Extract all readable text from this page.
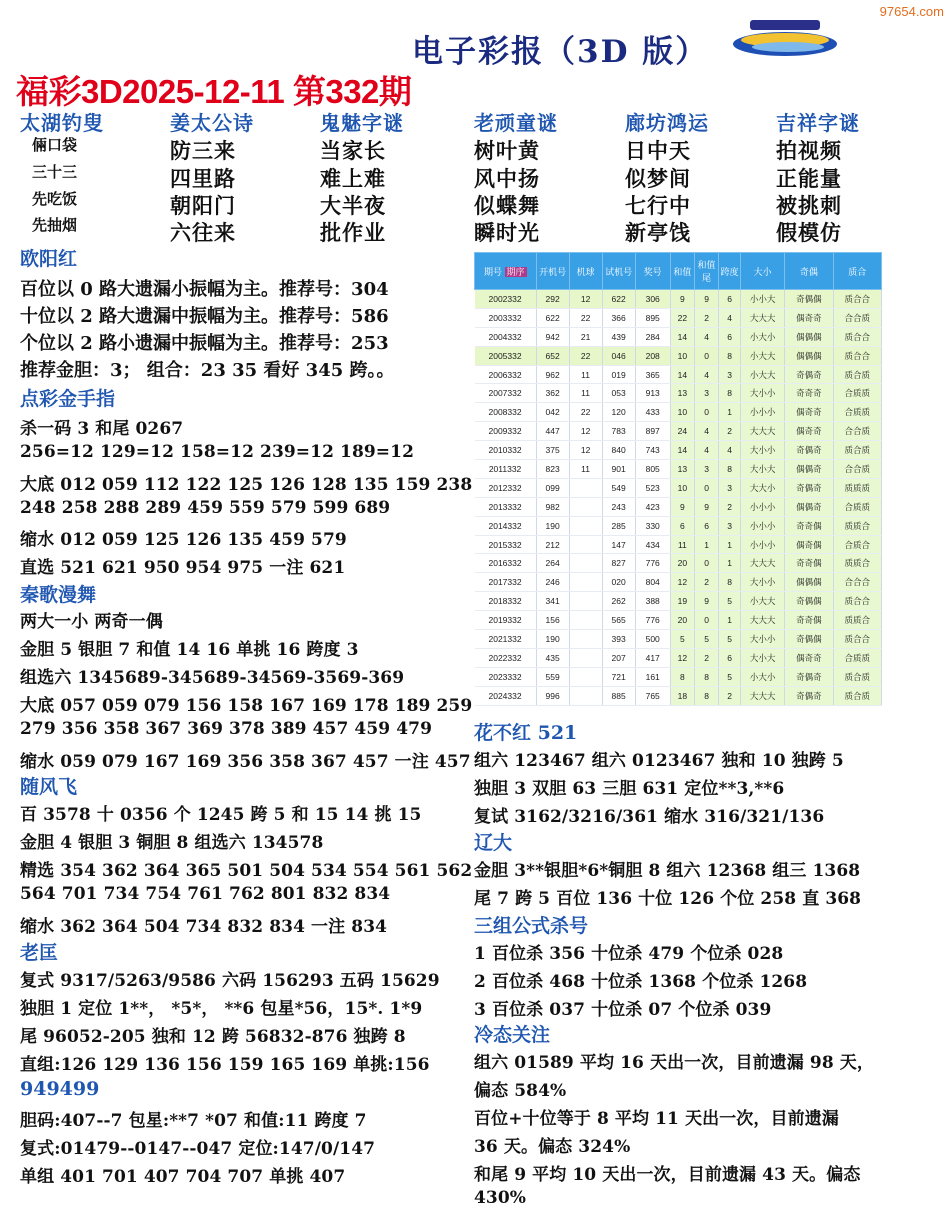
97654.com
电子彩报（3D 版）
福彩3D2025-12-11 第332期
太湖钓叟
倆口袋
三十三
先吃饭
先抽烟
姜太公诗
防三来
四里路
朝阳门
六往来
鬼魅字谜
当家长
难上难
大半夜
批作业
老顽童谜
树叶黄
风中扬
似蝶舞
瞬时光
廊坊鸿运
日中天
似梦间
七行中
新亭饯
吉祥字谜
拍视频
正能量
被挑刺
假模仿
欧阳红
百位以 0 路大遗漏小振幅为主。推荐号：304
十位以 2 路大遗漏中振幅为主。推荐号：586
个位以 2 路小遗漏中振幅为主。推荐号：253
推荐金胆：3； 组合：23 35 看好 345 跨。。
点彩金手指
杀一码 3 和尾 0267
256=12 129=12 158=12 239=12 189=12
大底 012 059 112 122 125 126 128 135 159 238
248 258 288 289 459 559 579 599 689
缩水 012 059 125 126 135 459 579
直选 521 621 950 954 975 一注 621
秦歌漫舞
两大一小 两奇一偶
金胆 5 银胆 7 和值 14 16 单挑 16 跨度 3
组选六 1345689-345689-34569-3569-369
大底 057 059 079 156 158 167 169 178 189 259
279 356 358 367 369 378 389 457 459 479
缩水 059 079 167 169 356 358 367 457 一注 457
随风飞
百 3578 十 0356 个 1245 跨 5 和 15 14 挑 15
金胆 4 银胆 3 铜胆 8 组选六 134578
精选 354 362 364 365 501 504 534 554 561 562
564 701 734 754 761 762 801 832 834
缩水 362 364 504 734 832 834 一注 834
老匡
复式 9317/5263/9586 六码 156293 五码 15629
独胆 1 定位 1**， *5*， **6 包星*56，15*. 1*9
尾 96052-205 独和 12 跨 56832-876 独跨 8
直组:126 129 136 156 159 165 169 单挑:156
949499
胆码:407--7 包星:**7 *07 和值:11 跨度 7
复式:01479--0147--047 定位:147/0/147
单组 401 701 407 704 707 单挑 407
期号 期序	开机号	机球	试机号	奖号	和值	和值尾	跨度	大小	奇偶	质合
2002332	292	12	622	306	9	9	6	小小大	奇偶偶	质合合
2003332	622	22	366	895	22	2	4	大大大	偶奇奇	合合质
2004332	942	21	439	284	14	4	6	小大小	偶偶偶	质合合
2005332	652	22	046	208	10	0	8	小大大	偶偶偶	质合合
2006332	962	11	019	365	14	4	3	小大大	奇偶奇	质合质
2007332	362	11	053	913	13	3	8	大小小	奇奇奇	合质质
2008332	042	22	120	433	10	0	1	小小小	偶奇奇	合质质
2009332	447	12	783	897	24	4	2	大大大	偶奇奇	合合质
2010332	375	12	840	743	14	4	4	大小小	奇偶奇	质合质
2011332	823	11	901	805	13	3	8	大小大	偶偶奇	合合质
2012332	099		549	523	10	0	3	大大小	奇偶奇	质质质
2013332	982		243	423	9	9	2	小小小	偶偶奇	合质质
2014332	190		285	330	6	6	3	小小小	奇奇偶	质质合
2015332	212		147	434	11	1	1	小小小	偶奇偶	合质合
2016332	264		827	776	20	0	1	大大大	奇奇偶	质质合
2017332	246		020	804	12	2	8	大小小	偶偶偶	合合合
2018332	341		262	388	19	9	5	小大大	奇偶偶	质合合
2019332	156		565	776	20	0	1	大大大	奇奇偶	质质合
2021332	190		393	500	5	5	5	大小小	奇偶偶	质合合
2022332	435		207	417	12	2	6	大小大	偶奇奇	合质质
2023332	559		721	161	8	8	5	小大小	奇偶奇	质合质
2024332	996		885	765	18	8	2	大大大	奇偶奇	质合质
花不红 521
组六 123467 组六 0123467 独和 10 独跨 5
独胆 3 双胆 63 三胆 631 定位**3,**6
复试 3162/3216/361 缩水 316/321/136
辽大
金胆 3**银胆*6*铜胆 8 组六 12368 组三 1368
尾 7 跨 5 百位 136 十位 126 个位 258 直 368
三组公式杀号
1 百位杀 356 十位杀 479 个位杀 028
2 百位杀 468 十位杀 1368 个位杀 1268
3 百位杀 037 十位杀 07 个位杀 039
冷态关注
组六 01589 平均 16 天出一次，目前遗漏 98 天，
偏态 584%
百位+十位等于 8 平均 11 天出一次，目前遗漏
36 天。偏态 324%
和尾 9 平均 10 天出一次，目前遗漏 43 天。偏态
430%
